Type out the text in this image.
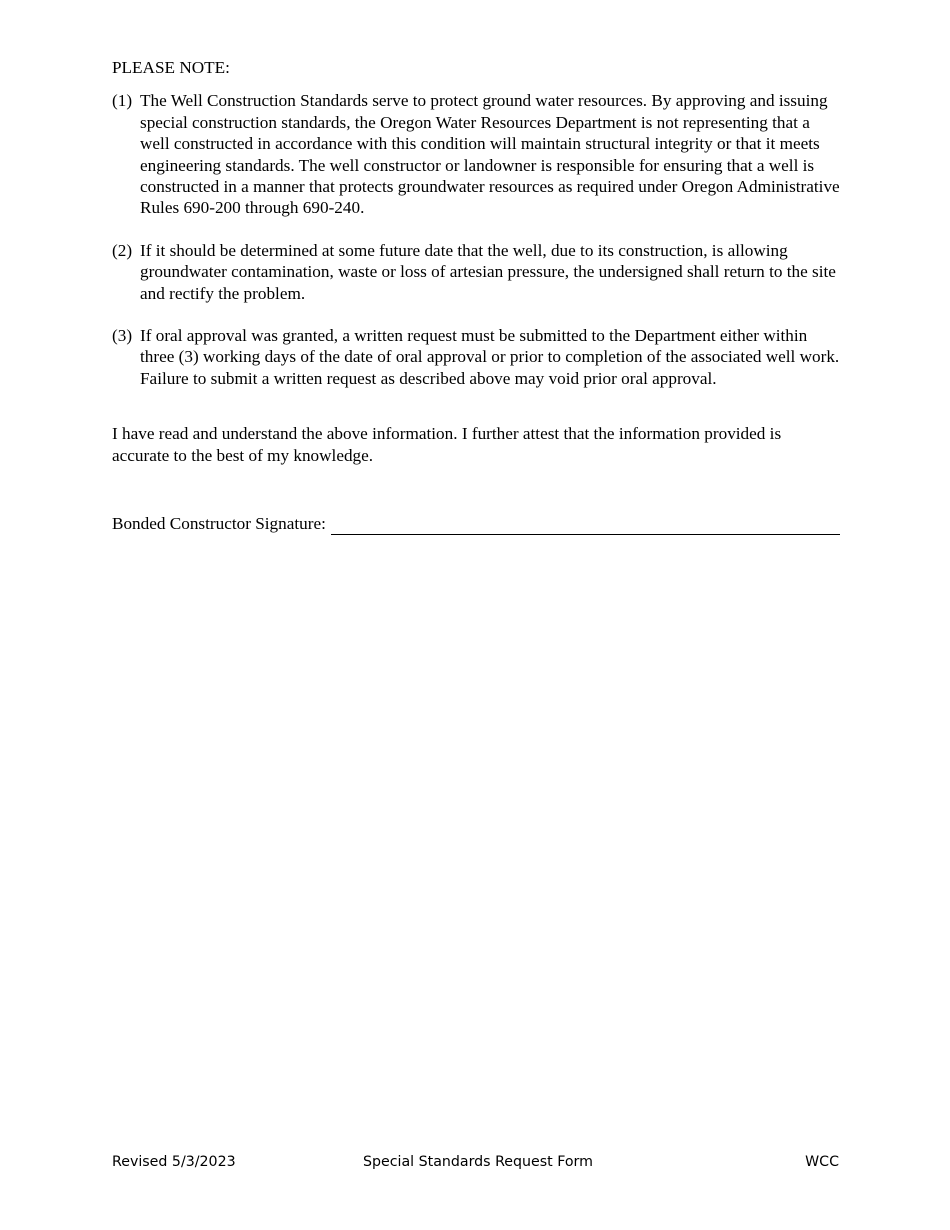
PLEASE NOTE:
(1) The Well Construction Standards serve to protect ground water resources. By approving and issuing special construction standards, the Oregon Water Resources Department is not representing that a well constructed in accordance with this condition will maintain structural integrity or that it meets engineering standards. The well constructor or landowner is responsible for ensuring that a well is constructed in a manner that protects groundwater resources as required under Oregon Administrative Rules 690-200 through 690-240.
(2) If it should be determined at some future date that the well, due to its construction, is allowing groundwater contamination, waste or loss of artesian pressure, the undersigned shall return to the site and rectify the problem.
(3) If oral approval was granted, a written request must be submitted to the Department either within three (3) working days of the date of oral approval or prior to completion of the associated well work. Failure to submit a written request as described above may void prior oral approval.
I have read and understand the above information. I further attest that the information provided is accurate to the best of my knowledge.
Bonded Constructor Signature:
Revised 5/3/2023	Special Standards Request Form	WCC
